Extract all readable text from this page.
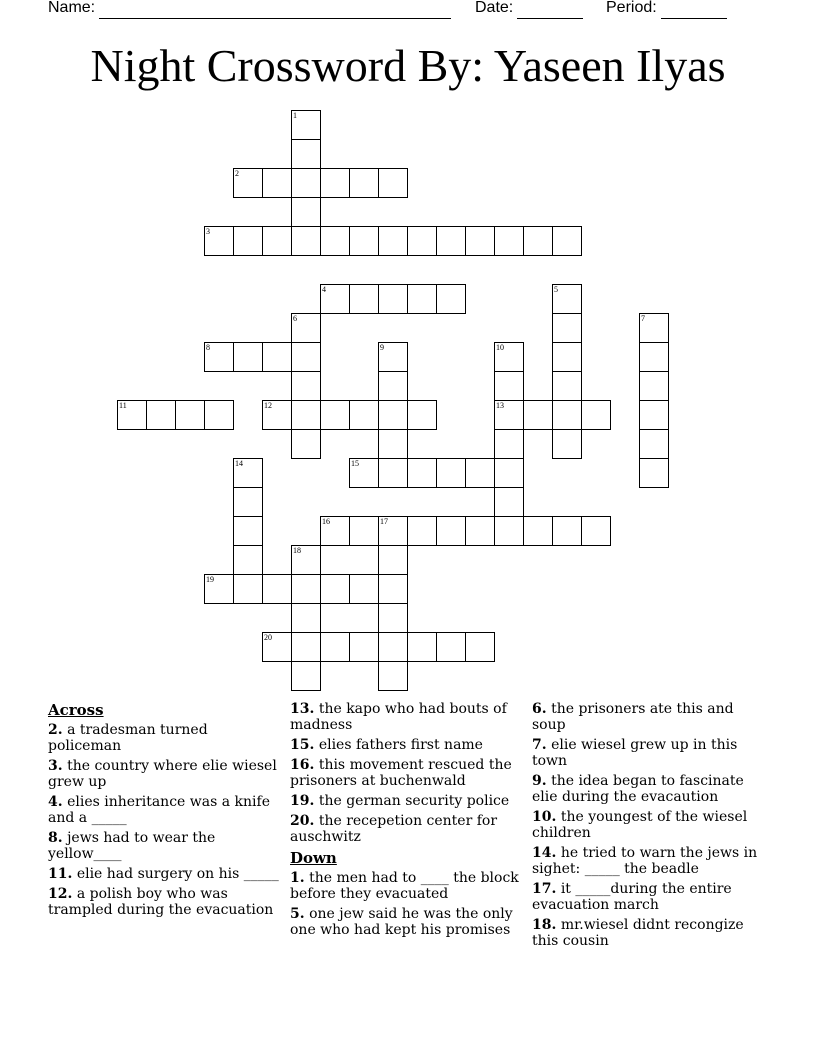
Name:	Date:	Period:
Night Crossword By: Yaseen Ilyas
1
2
3
4	5
6	7
8	9	10
13
11	12
14	15
16	17
18
19
20
Across
2. a tradesman turned policeman
3. the country where elie wiesel grew up
4. elies inheritance was a knife and a _____
8. jews had to wear the yellow____
11. elie had surgery on his _____
12. a polish boy who was trampled during the evacuation
13. the kapo who had bouts of madness
15. elies fathers first name
16. this movement rescued the prisoners at buchenwald
19. the german security police
20. the recepetion center for auschwitz
Down
1. the men had to ____ the block before they evacuated
5. one jew said he was the only one who had kept his promises
6. the prisoners ate this and soup
7. elie wiesel grew up in this town
9. the idea began to fascinate elie during the evacaution
10. the youngest of the wiesel children
14. he tried to warn the jews in sighet: _____ the beadle
17. it _____during the entire evacuation march
18. mr.wiesel didnt recongize this cousin
